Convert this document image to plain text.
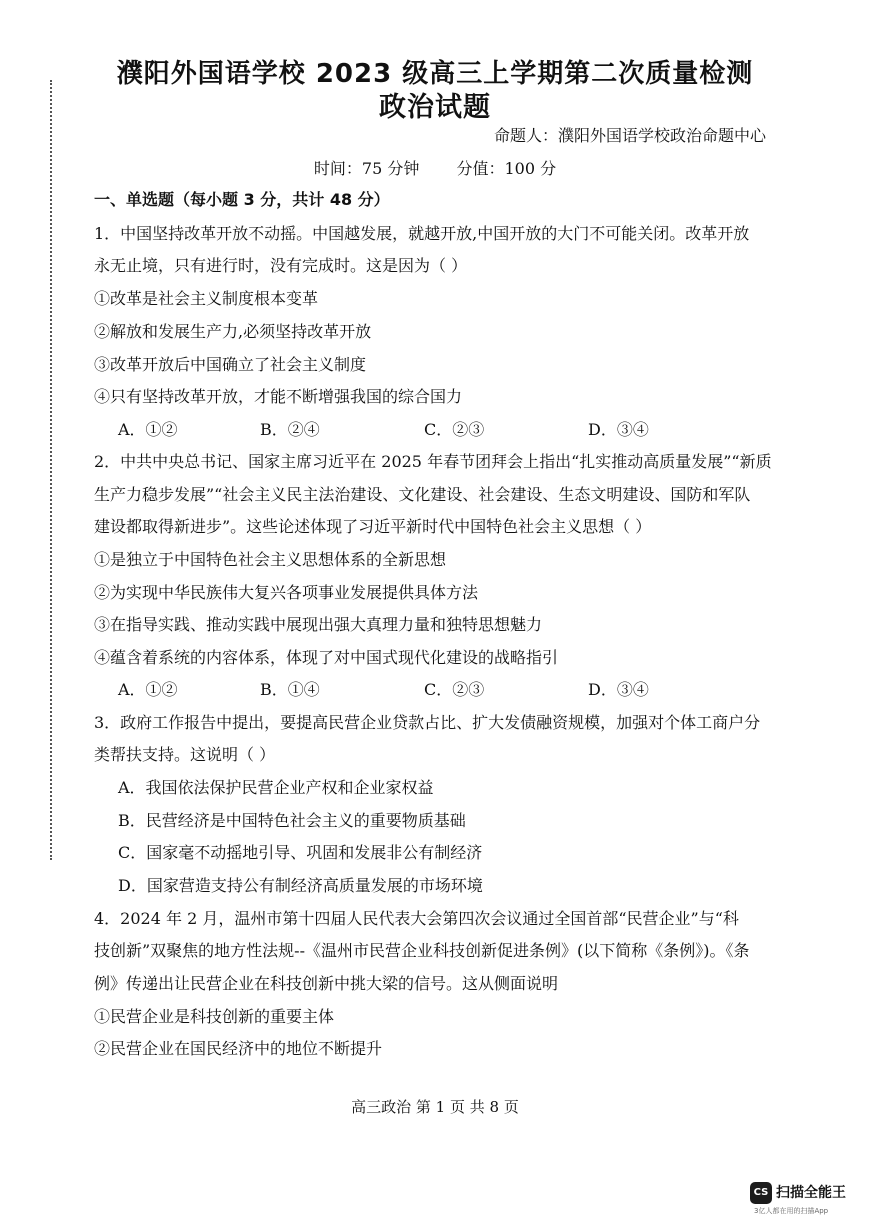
濮阳外国语学校 2023 级高三上学期第二次质量检测
政治试题
命题人：濮阳外国语学校政治命题中心
时间：75 分钟 分值：100 分
一、单选题（每小题 3 分，共计 48 分）
1．中国坚持改革开放不动摇。中国越发展，就越开放,中国开放的大门不可能关闭。改革开放
永无止境，只有进行时，没有完成时。这是因为（ ）
①改革是社会主义制度根本变革
②解放和发展生产力,必须坚持改革开放
③改革开放后中国确立了社会主义制度
④只有坚持改革开放，才能不断增强我国的综合国力
A．①②	B．②④	C．②③	D．③④
2．中共中央总书记、国家主席习近平在 2025 年春节团拜会上指出“扎实推动高质量发展”“新质
生产力稳步发展”“社会主义民主法治建设、文化建设、社会建设、生态文明建设、国防和军队
建设都取得新进步”。这些论述体现了习近平新时代中国特色社会主义思想（ ）
①是独立于中国特色社会主义思想体系的全新思想
②为实现中华民族伟大复兴各项事业发展提供具体方法
③在指导实践、推动实践中展现出强大真理力量和独特思想魅力
④蕴含着系统的内容体系，体现了对中国式现代化建设的战略指引
A．①②	B．①④	C．②③	D．③④
3．政府工作报告中提出，要提高民营企业贷款占比、扩大发债融资规模，加强对个体工商户分
类帮扶支持。这说明（ ）
A．我国依法保护民营企业产权和企业家权益
B．民营经济是中国特色社会主义的重要物质基础
C．国家毫不动摇地引导、巩固和发展非公有制经济
D．国家营造支持公有制经济高质量发展的市场环境
4．2024 年 2 月，温州市第十四届人民代表大会第四次会议通过全国首部“民营企业”与“科
技创新”双聚焦的地方性法规--《温州市民营企业科技创新促进条例》(以下简称《条例》)。《条
例》传递出让民营企业在科技创新中挑大梁的信号。这从侧面说明
①民营企业是科技创新的重要主体
②民营企业在国民经济中的地位不断提升
高三政治 第 1 页 共 8 页
CS 扫描全能王
3亿人都在用的扫描App
